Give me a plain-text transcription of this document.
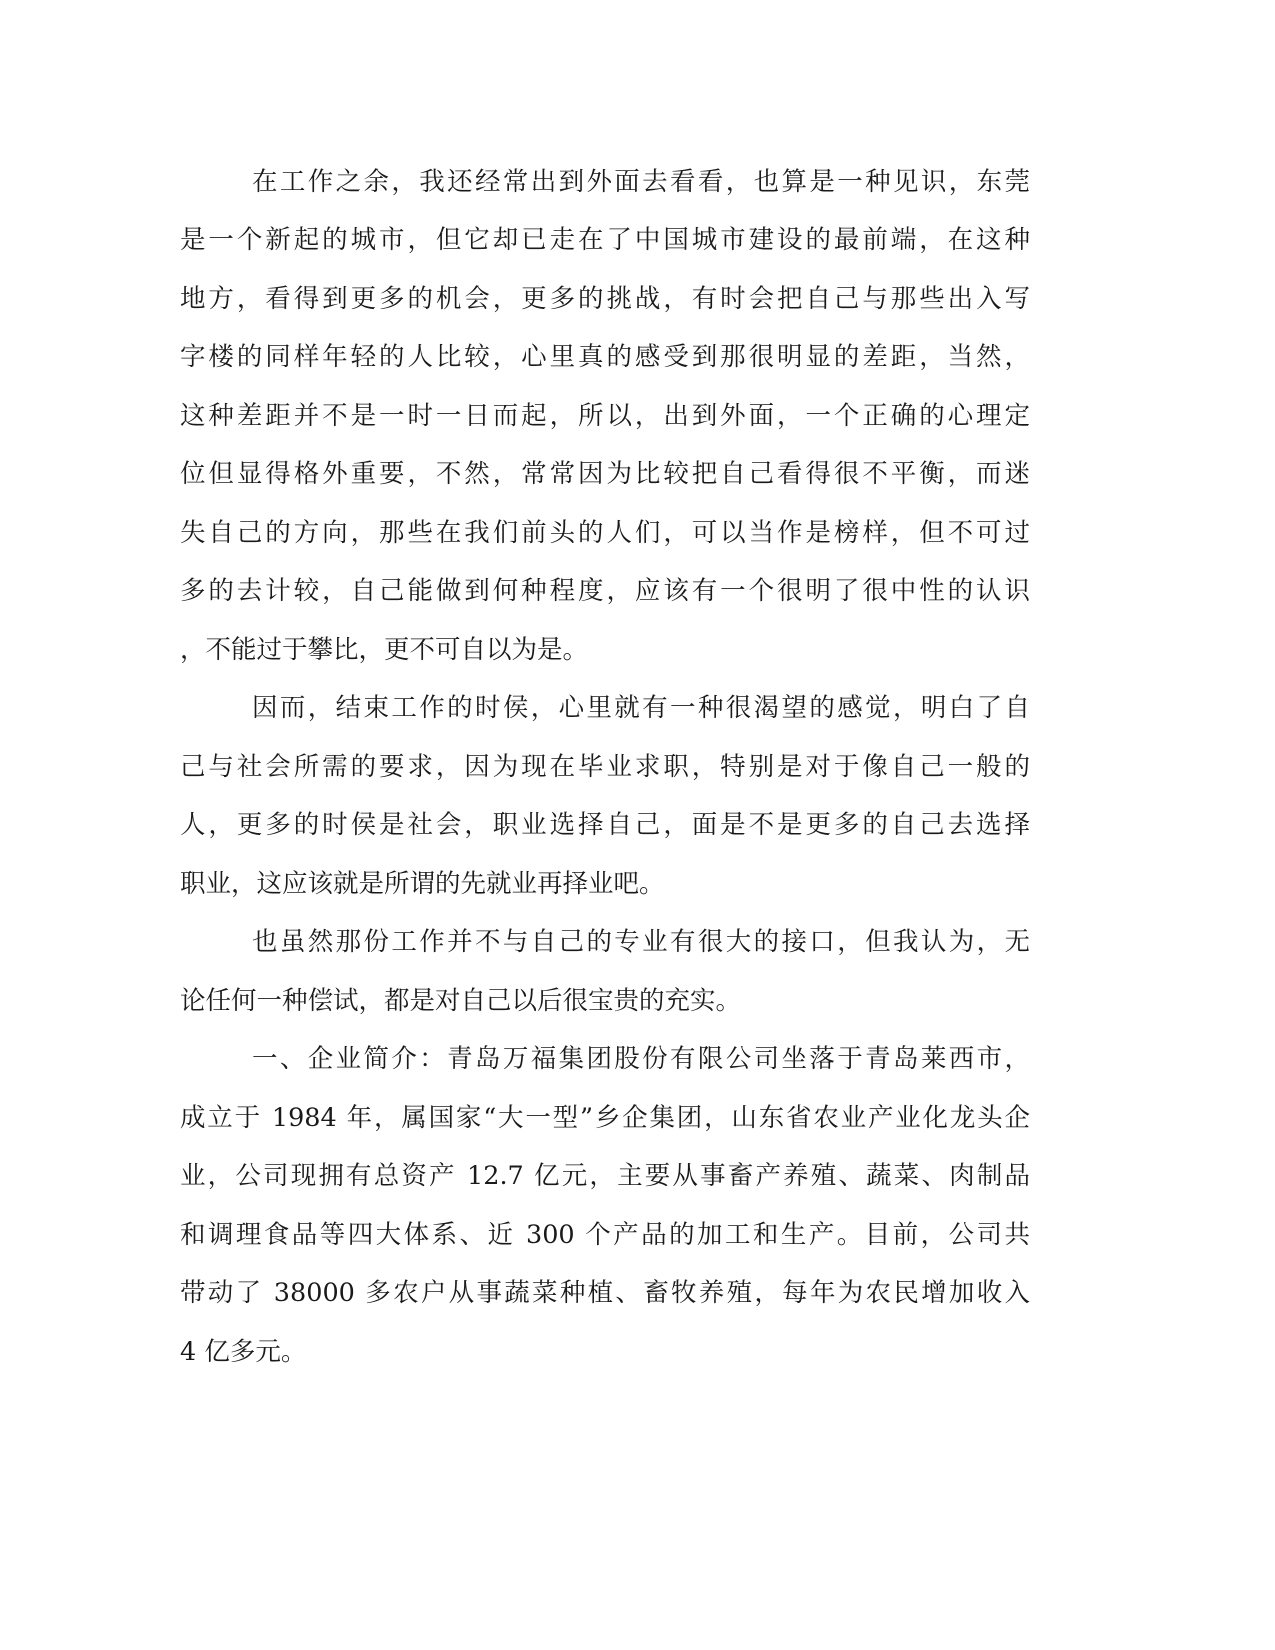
在工作之余，我还经常出到外面去看看，也算是一种见识，东莞
是一个新起的城市，但它却已走在了中国城市建设的最前端，在这种
地方，看得到更多的机会，更多的挑战，有时会把自己与那些出入写
字楼的同样年轻的人比较，心里真的感受到那很明显的差距，当然，
这种差距并不是一时一日而起，所以，出到外面，一个正确的心理定
位但显得格外重要，不然，常常因为比较把自己看得很不平衡，而迷
失自己的方向，那些在我们前头的人们，可以当作是榜样，但不可过
多的去计较，自己能做到何种程度，应该有一个很明了很中性的认识
，不能过于攀比，更不可自以为是。
因而，结束工作的时侯，心里就有一种很渴望的感觉，明白了自
己与社会所需的要求，因为现在毕业求职，特别是对于像自己一般的
人，更多的时侯是社会，职业选择自己，面是不是更多的自己去选择
职业，这应该就是所谓的先就业再择业吧。
也虽然那份工作并不与自己的专业有很大的接口，但我认为，无
论任何一种偿试，都是对自己以后很宝贵的充实。
一、企业简介：青岛万福集团股份有限公司坐落于青岛莱西市，
成立于 1984 年，属国家“大一型”乡企集团，山东省农业产业化龙头企
业，公司现拥有总资产 12.7 亿元，主要从事畜产养殖、蔬菜、肉制品
和调理食品等四大体系、近 300 个产品的加工和生产。目前，公司共
带动了 38000 多农户从事蔬菜种植、畜牧养殖，每年为农民增加收入
4 亿多元。
